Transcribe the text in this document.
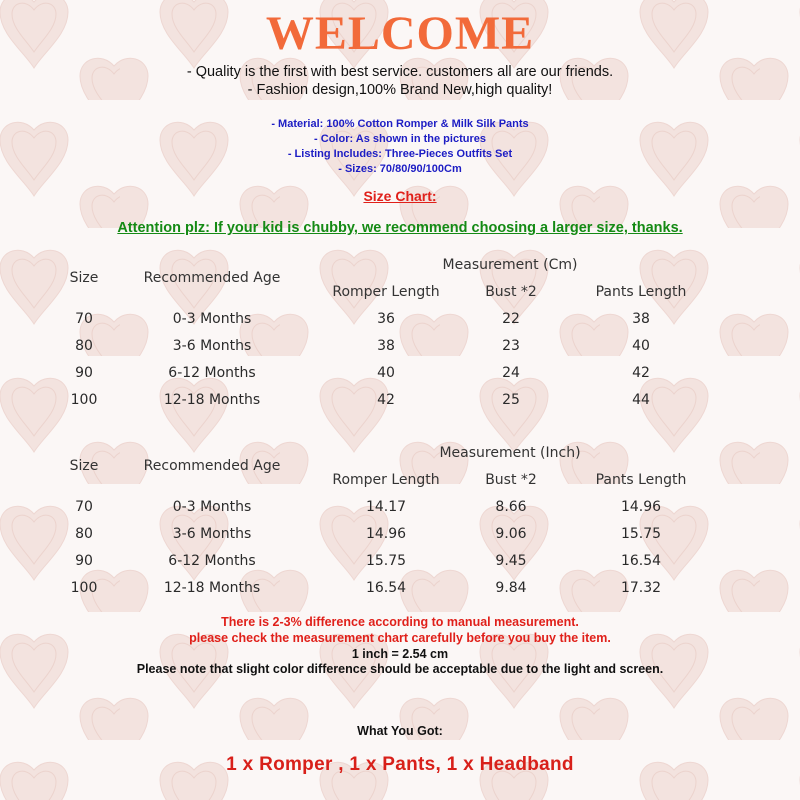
WELCOME
- Quality is the first with best service. customers all are our friends.
- Fashion design,100% Brand New,high quality!
- Material: 100% Cotton Romper & Milk Silk Pants
- Color: As shown in the pictures
- Listing Includes: Three-Pieces Outfits Set
- Sizes: 70/80/90/100Cm
Size Chart:
Attention plz: If your kid is chubby, we recommend choosing a larger size, thanks.
Size	Recommended Age
Measurement (Cm)
Romper Length	Bust *2	Pants Length
70	0-3 Months	36	22	38
80	3-6 Months	38	23	40
90	6-12 Months	40	24	42
100	12-18 Months	42	25	44
Size	Recommended Age
Measurement (Inch)
Romper Length	Bust *2	Pants Length
70	0-3 Months	14.17	8.66	14.96
80	3-6 Months	14.96	9.06	15.75
90	6-12 Months	15.75	9.45	16.54
100	12-18 Months	16.54	9.84	17.32
There is 2-3% difference according to manual measurement.
please check the measurement chart carefully before you buy the item.
1 inch = 2.54 cm
Please note that slight color difference should be acceptable due to the light and screen.
What You Got:
1 x Romper , 1 x Pants, 1 x Headband
